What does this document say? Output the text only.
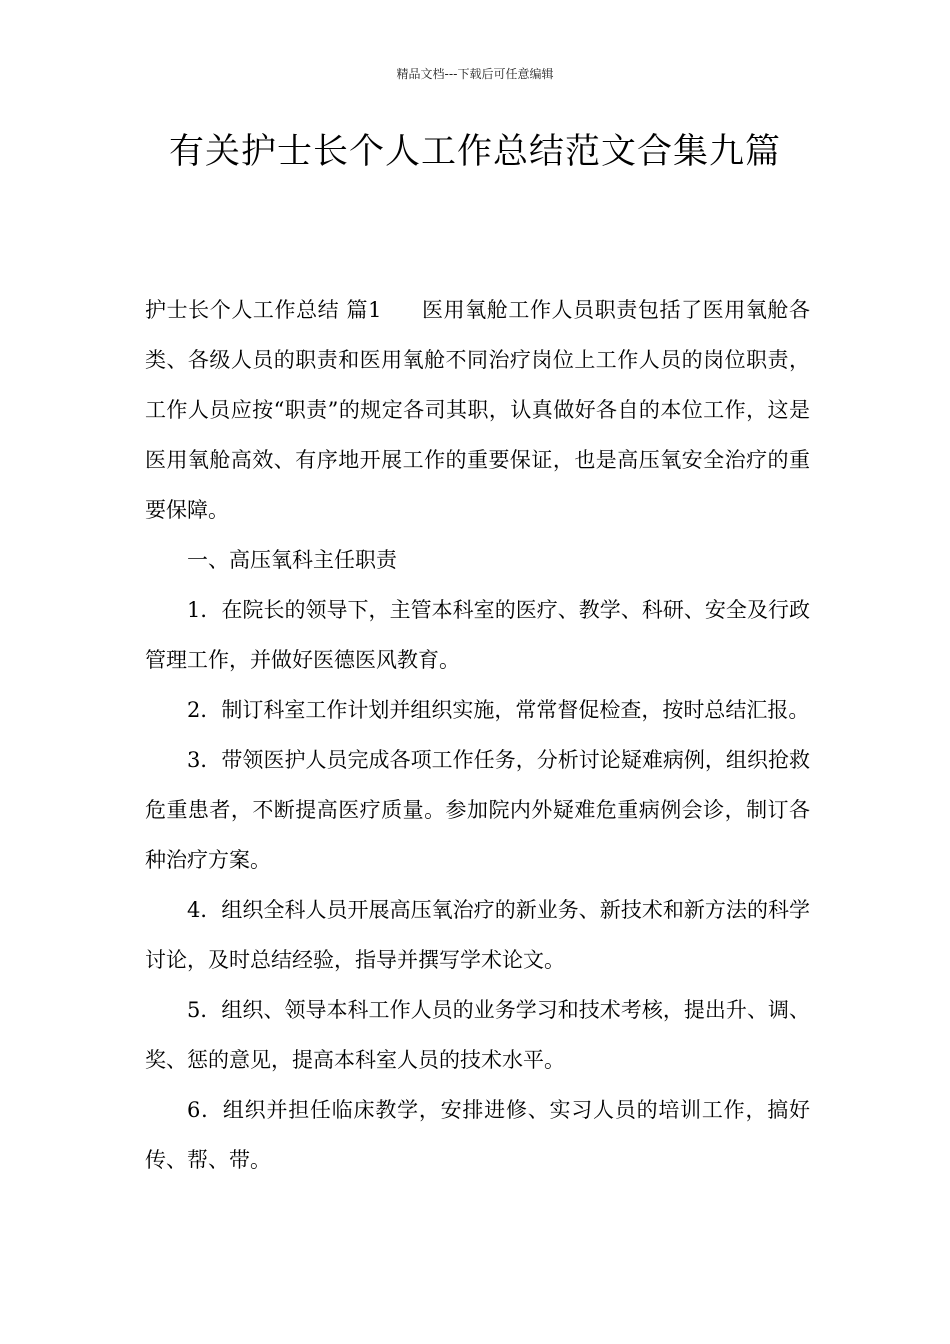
精品文档---下载后可任意编辑
有关护士长个人工作总结范文合集九篇

护士长个人工作总结 篇1 医用氧舱工作人员职责包括了医用氧舱各类、各级人员的职责和医用氧舱不同治疗岗位上工作人员的岗位职责，工作人员应按“职责”的规定各司其职，认真做好各自的本位工作，这是医用氧舱高效、有序地开展工作的重要保证，也是高压氧安全治疗的重要保障。

一、高压氧科主任职责

1．在院长的领导下，主管本科室的医疗、教学、科研、安全及行政管理工作，并做好医德医风教育。

2．制订科室工作计划并组织实施，常常督促检查，按时总结汇报。

3．带领医护人员完成各项工作任务，分析讨论疑难病例，组织抢救危重患者，不断提高医疗质量。参加院内外疑难危重病例会诊，制订各种治疗方案。

4．组织全科人员开展高压氧治疗的新业务、新技术和新方法的科学讨论，及时总结经验，指导并撰写学术论文。

5．组织、领导本科工作人员的业务学习和技术考核，提出升、调、奖、惩的意见，提高本科室人员的技术水平。

6．组织并担任临床教学，安排进修、实习人员的培训工作，搞好传、帮、带。
